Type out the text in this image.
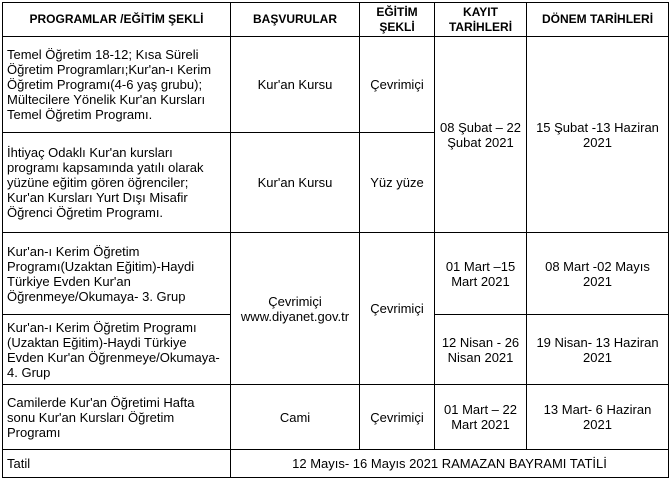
PROGRAMLAR /EĞİTİM ŞEKLİ	BAŞVURULAR	EĞİTİM ŞEKLİ	KAYIT TARİHLERİ	DÖNEM TARİHLERİ
Temel Öğretim 18-12; Kısa Süreli Öğretim Programları;Kur'an-ı Kerim Öğretim Programı(4-6 yaş grubu); Mültecilere Yönelik Kur'an Kursları Temel Öğretim Programı.	Kur'an Kursu	Çevrimiçi	08 Şubat – 22 Şubat 2021	15 Şubat -13 Haziran 2021
İhtiyaç Odaklı Kur'an kursları programı kapsamında yatılı olarak yüzüne eğitim gören öğrenciler; Kur'an Kursları Yurt Dışı Misafir Öğrenci Öğretim Programı.	Kur'an Kursu	Yüz yüze		
Kur'an-ı Kerim Öğretim Programı(Uzaktan Eğitim)-Haydi Türkiye Evden Kur'an Öğrenmeye/Okumaya- 3. Grup	Çevrimiçi www.diyanet.gov.tr	Çevrimiçi	01 Mart –15 Mart 2021	08 Mart -02 Mayıs 2021
Kur'an-ı Kerim Öğretim Programı (Uzaktan Eğitim)-Haydi Türkiye Evden Kur'an Öğrenmeye/Okumaya- 4. Grup			12 Nisan - 26 Nisan 2021	19 Nisan- 13 Haziran 2021
Camilerde Kur'an Öğretimi Hafta sonu Kur'an Kursları Öğretim Programı	Cami	Çevrimiçi	01 Mart – 22 Mart 2021	13 Mart- 6 Haziran 2021
Tatil	12 Mayıs- 16 Mayıs 2021 RAMAZAN BAYRAMI TATİLİ			
